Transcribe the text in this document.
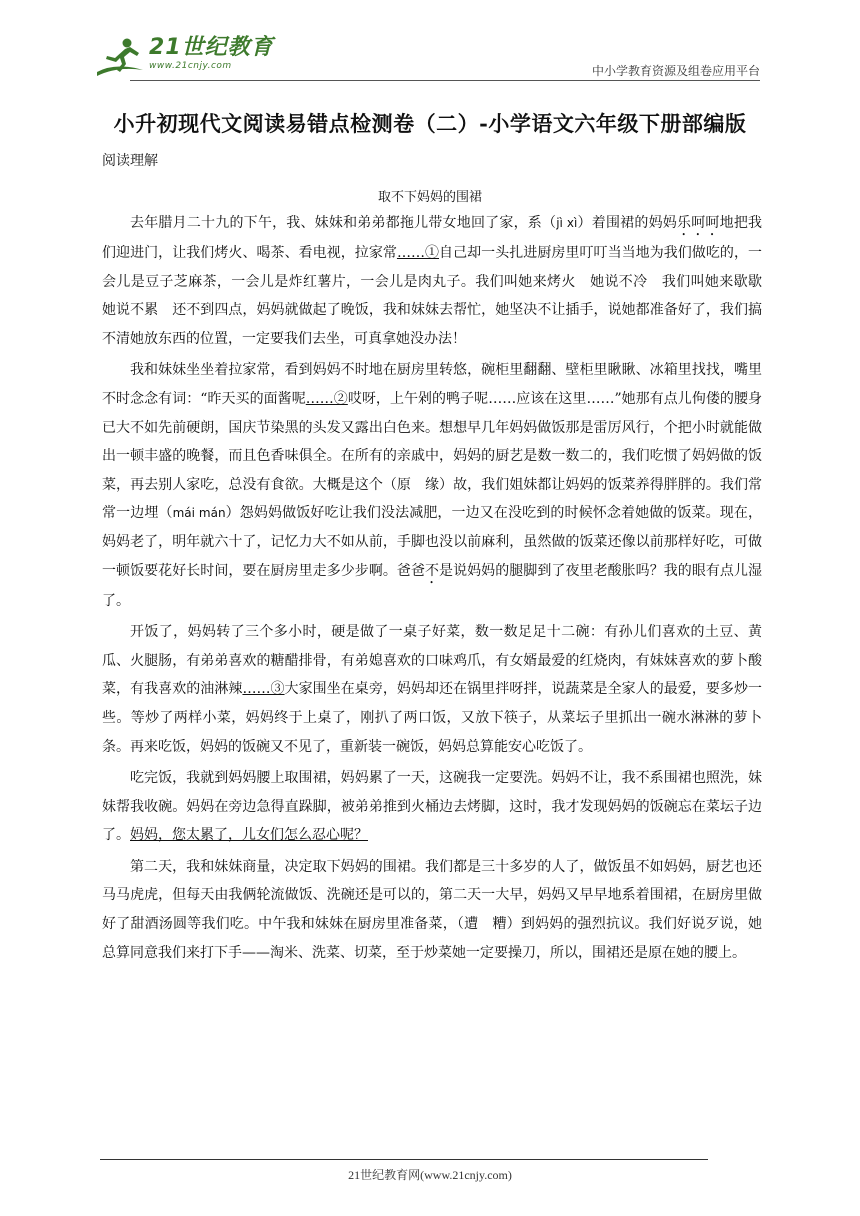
21世纪教育
www.21cnjy.com	中小学教育资源及组卷应用平台
小升初现代文阅读易错点检测卷（二）-小学语文六年级下册部编版
阅读理解
取不下妈妈的围裙

去年腊月二十九的下午，我、妹妹和弟弟都拖儿带女地回了家，系（jì xì）着围裙的妈妈乐呵呵地把我们迎进门，让我们烤火、喝茶、看电视，拉家常……①自己却一头扎进厨房里叮叮当当地为我们做吃的，一会儿是豆子芝麻茶，一会儿是炸红薯片，一会儿是肉丸子。我们叫她来烤火　她说不冷　我们叫她来歇歇　她说不累　还不到四点，妈妈就做起了晚饭，我和妹妹去帮忙，她坚决不让插手，说她都准备好了，我们搞不清她放东西的位置，一定要我们去坐，可真拿她没办法！

我和妹妹坐坐着拉家常，看到妈妈不时地在厨房里转悠，碗柜里翻翻、壁柜里瞅瞅、冰箱里找找，嘴里不时念念有词：“昨天买的面酱呢……②哎呀，上午剁的鸭子呢……应该在这里……”她那有点儿佝偻的腰身已大不如先前硬朗，国庆节染黑的头发又露出白色来。想想早几年妈妈做饭那是雷厉风行，个把小时就能做出一顿丰盛的晚餐，而且色香味俱全。在所有的亲戚中，妈妈的厨艺是数一数二的，我们吃惯了妈妈做的饭菜，再去别人家吃，总没有食欲。大概是这个（原　缘）故，我们姐妹都让妈妈的饭菜养得胖胖的。我们常常一边埋（mái mán）怨妈妈做饭好吃让我们没法减肥，一边又在没吃到的时候怀念着她做的饭菜。现在，妈妈老了，明年就六十了，记忆力大不如从前，手脚也没以前麻利，虽然做的饭菜还像以前那样好吃，可做一顿饭要花好长时间，要在厨房里走多少步啊。爸爸不是说妈妈的腿脚到了夜里老酸胀吗？我的眼有点儿湿了。

开饭了，妈妈转了三个多小时，硬是做了一桌子好菜，数一数足足十二碗：有孙儿们喜欢的土豆、黄瓜、火腿肠，有弟弟喜欢的糖醋排骨，有弟媳喜欢的口味鸡爪，有女婿最爱的红烧肉，有妹妹喜欢的萝卜酸菜，有我喜欢的油淋辣……③大家围坐在桌旁，妈妈却还在锅里拌呀拌，说蔬菜是全家人的最爱，要多炒一些。等炒了两样小菜，妈妈终于上桌了，刚扒了两口饭，又放下筷子，从菜坛子里抓出一碗水淋淋的萝卜条。再来吃饭，妈妈的饭碗又不见了，重新装一碗饭，妈妈总算能安心吃饭了。

吃完饭，我就到妈妈腰上取围裙，妈妈累了一天，这碗我一定要洗。妈妈不让，我不系围裙也照洗，妹妹帮我收碗。妈妈在旁边急得直跺脚，被弟弟推到火桶边去烤脚，这时，我才发现妈妈的饭碗忘在菜坛子边了。妈妈，您太累了，儿女们怎么忍心呢？

第二天，我和妹妹商量，决定取下妈妈的围裙。我们都是三十多岁的人了，做饭虽不如妈妈，厨艺也还马马虎虎，但每天由我俩轮流做饭、洗碗还是可以的，第二天一大早，妈妈又早早地系着围裙，在厨房里做好了甜酒汤圆等我们吃。中午我和妹妹在厨房里准备菜，（遭　糟）到妈妈的强烈抗议。我们好说歹说，她总算同意我们来打下手——淘米、洗菜、切菜，至于炒菜她一定要操刀，所以，围裙还是原在她的腰上。

21世纪教育网(www.21cnjy.com)
